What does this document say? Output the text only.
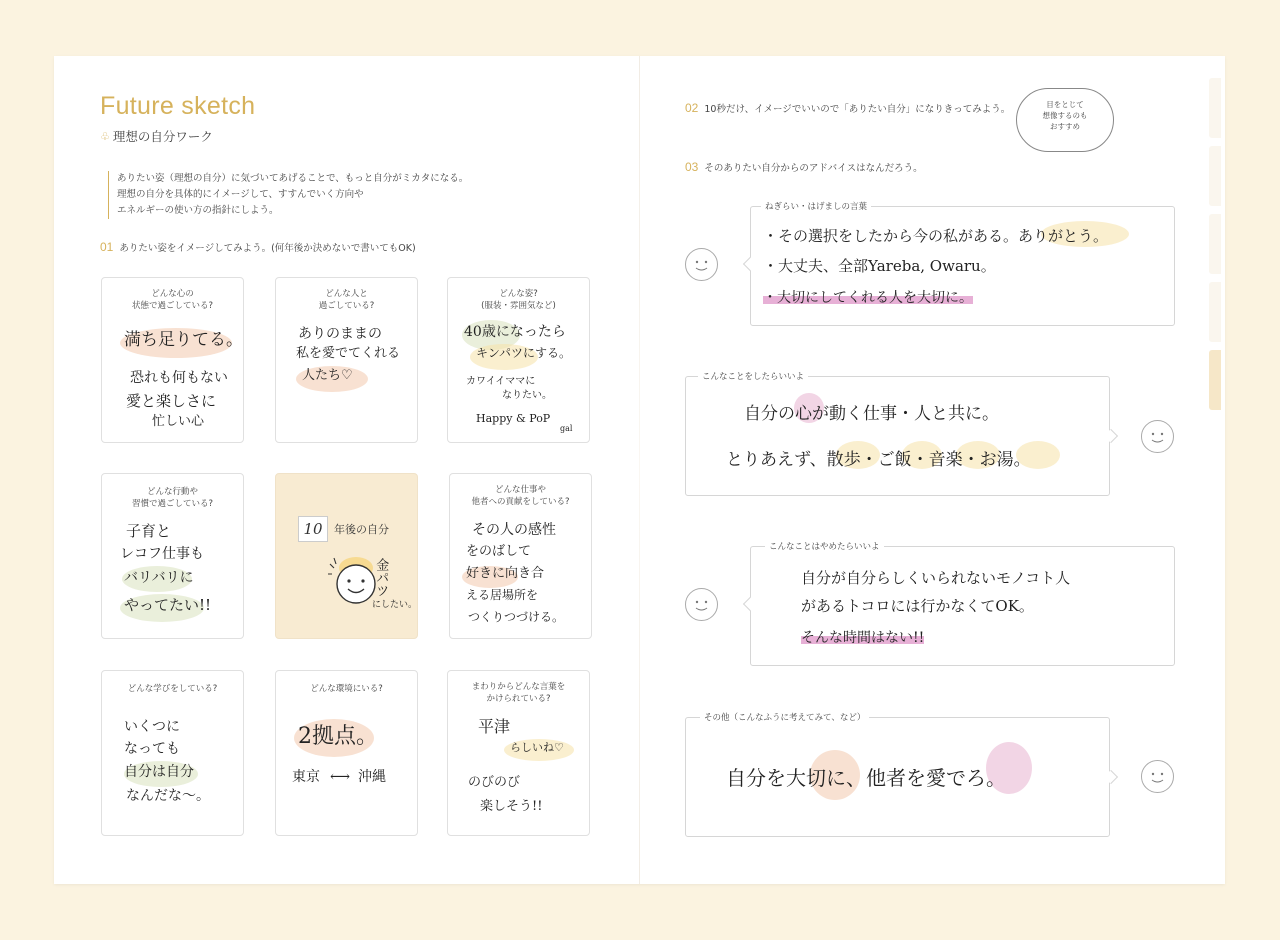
Future sketch
♧ 理想の自分ワーク
ありたい姿（理想の自分）に気づいてあげることで、もっと自分がミカタになる。
理想の自分を具体的にイメージして、すすんでいく方向や
エネルギーの使い方の指針にしよう。
01 ありたい姿をイメージしてみよう。(何年後か決めないで書いてもOK)
どんな心の
状態で過ごしている?
満ち足りてる。
恐れも何もない
愛と楽しさに
忙しい心
どんな人と
過ごしている?
ありのままの
私を愛でてくれる
人たち♡
どんな姿?
(服装・雰囲気など)
40歳になったら
キンパツにする。
カワイイママに
なりたい。
Happy & PoP
gal
どんな行動や
習慣で過ごしている?
子育と
レコフ仕事も
バリバリに
やってたい!!
10	年後の自分
金パツ
にしたい。
どんな仕事や
他者への貢献をしている?
その人の感性
をのばして
好きに向き合
える居場所を
つくりつづける。
どんな学びをしている?
いくつに
なっても
自分は自分
なんだな〜。
どんな環境にいる?
2拠点。
東京 ⟷ 沖縄
まわりからどんな言葉を
かけられている?
平津
らしいね♡
のびのび
楽しそう!!
02 10秒だけ、イメージでいいので「ありたい自分」になりきってみよう。	目をとじて
想像するのも
おすすめ
03 そのありたい自分からのアドバイスはなんだろう。
ねぎらい・はげましの言葉
・その選択をしたから今の私がある。ありがとう。
・大丈夫、全部Yareba, Owaru。
・大切にしてくれる人を大切に。
こんなことをしたらいいよ
自分の心が動く仕事・人と共に。
とりあえず、散歩・ご飯・音楽・お湯。
こんなことはやめたらいいよ
自分が自分らしくいられないモノコト人
があるトコロには行かなくてOK。
そんな時間はない!!
その他（こんなふうに考えてみて、など）
自分を大切に、他者を愛でろ。
